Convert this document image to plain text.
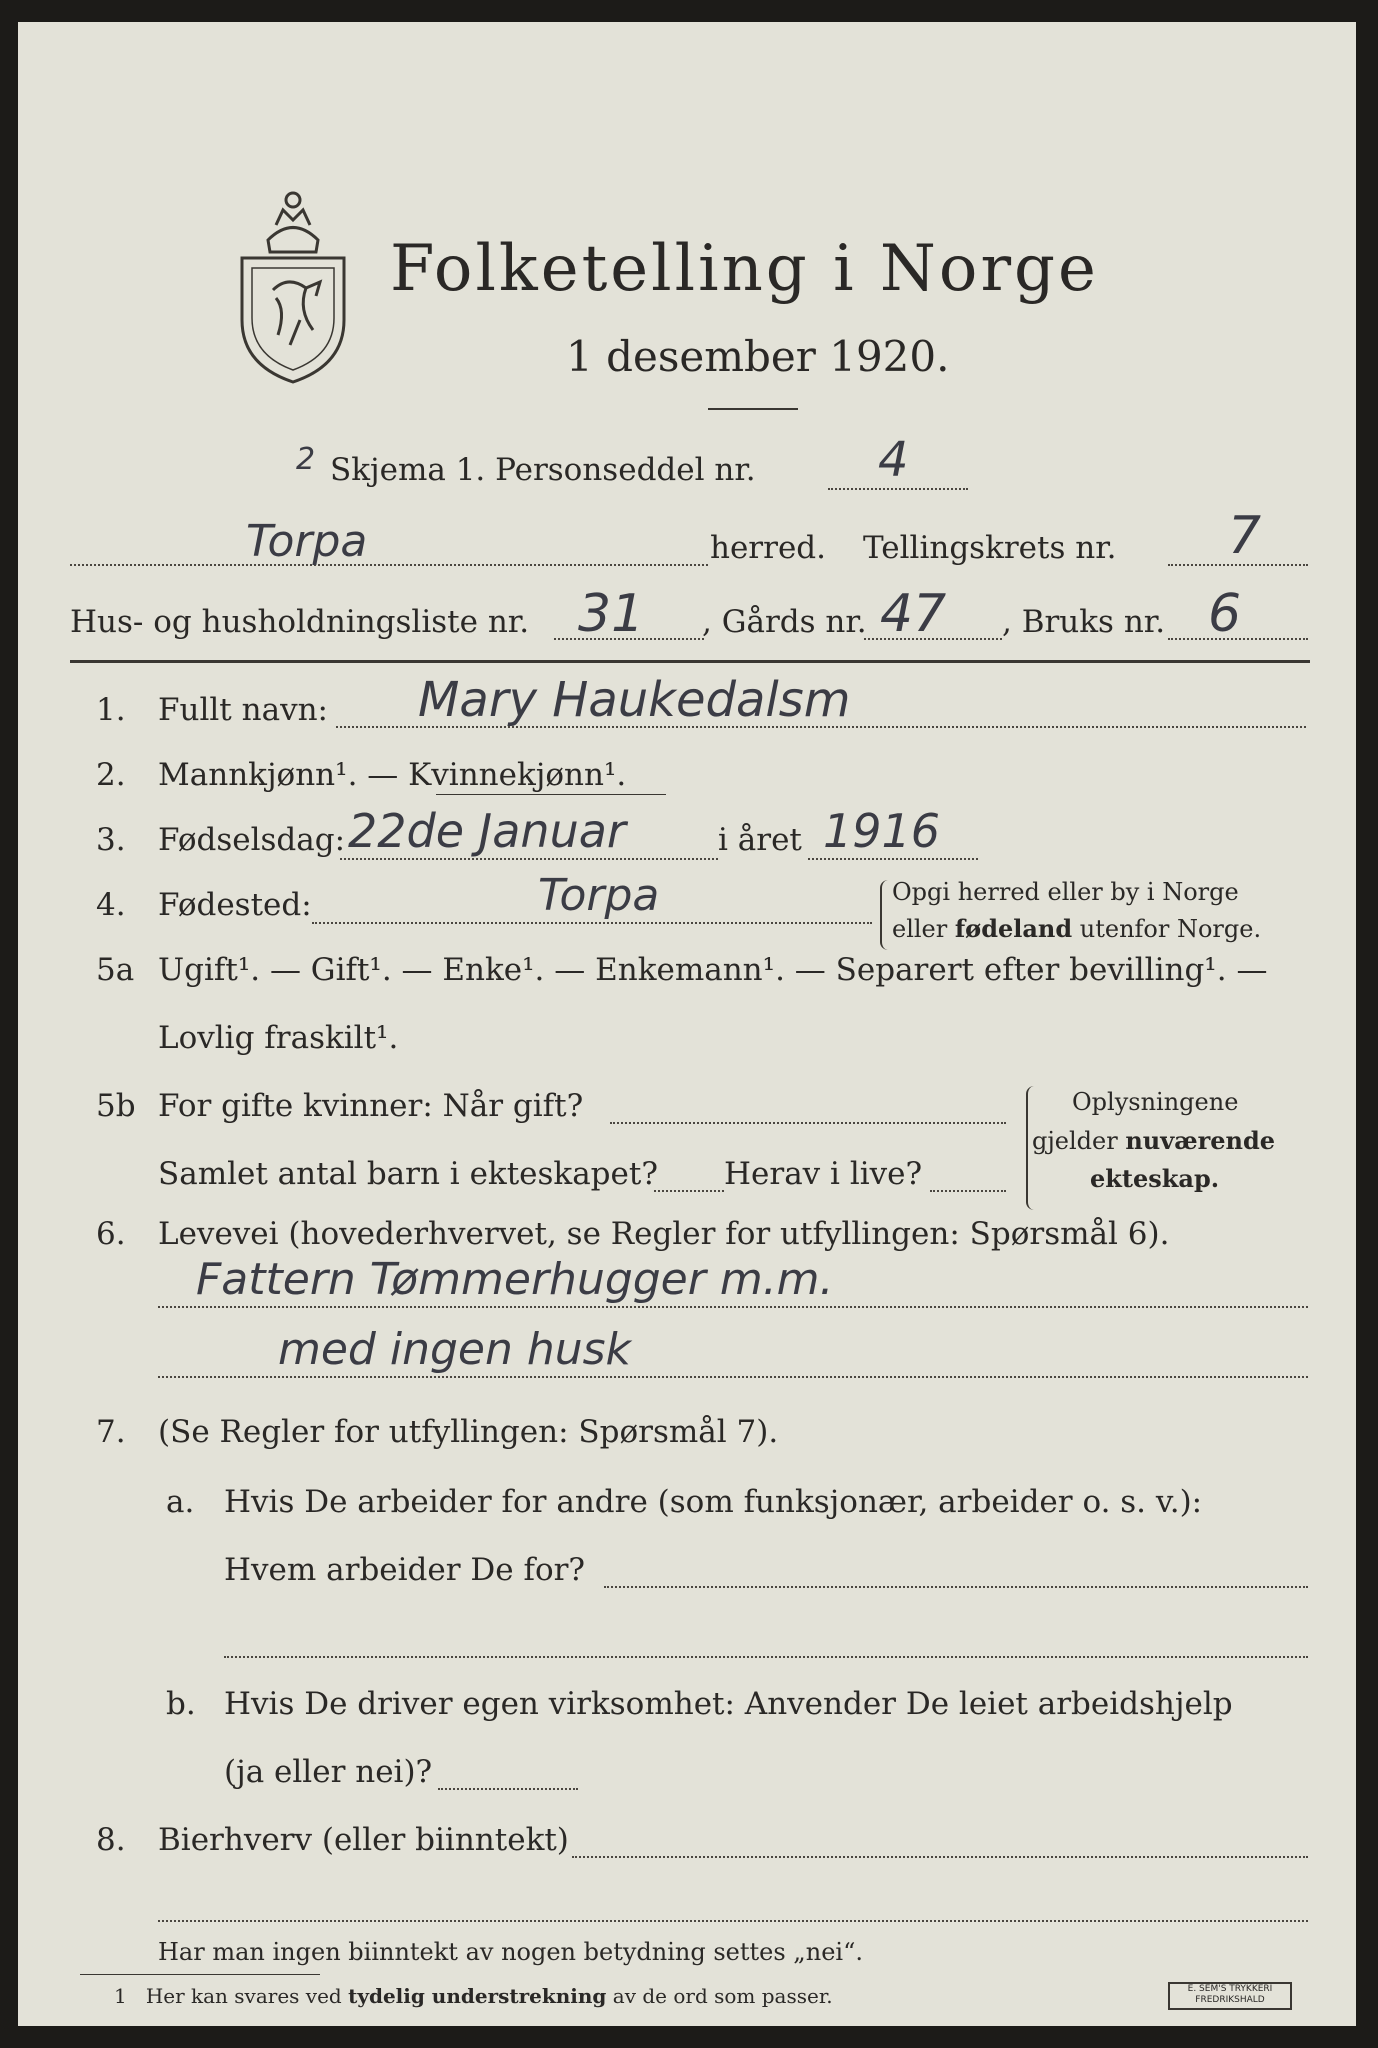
Folketelling i Norge
1 desember 1920.
2 Skjema 1. Personseddel nr.	4
Torpa	herred. Tellingskrets nr. 7
Hus- og husholdningsliste nr. 31 , Gårds nr. 47 , Bruks nr. 6
1. Fullt navn: Mary Haukedalsm
2. Mannkjønn¹. — Kvinnekjønn¹.
3. Fødselsdag: 22de Januar	i året 1916
4. Fødested:	Torpa	Opgi herred eller by i Norge
eller fødeland utenfor Norge.
5a Ugift¹. — Gift¹. — Enke¹. — Enkemann¹. — Separert efter bevilling¹. —
Lovlig fraskilt¹.
5b For gifte kvinner: Når gift?
Samlet antal barn i ekteskapet? Herav i live?
Oplysningene
gjelder nuværende
ekteskap.
6. Levevei (hovederhvervet, se Regler for utfyllingen: Spørsmål 6).
Fattern Tømmerhugger m.m.
med ingen husk
7. (Se Regler for utfyllingen: Spørsmål 7).
a. Hvis De arbeider for andre (som funksjonær, arbeider o. s. v.):
Hvem arbeider De for?
b. Hvis De driver egen virksomhet: Anvender De leiet arbeidshjelp
(ja eller nei)?
8. Bierhverv (eller biinntekt)
Har man ingen biinntekt av nogen betydning settes „nei“.
1 Her kan svares ved tydelig understrekning av de ord som passer.	E. SEM'S TRYKKERI
FREDRIKSHALD
